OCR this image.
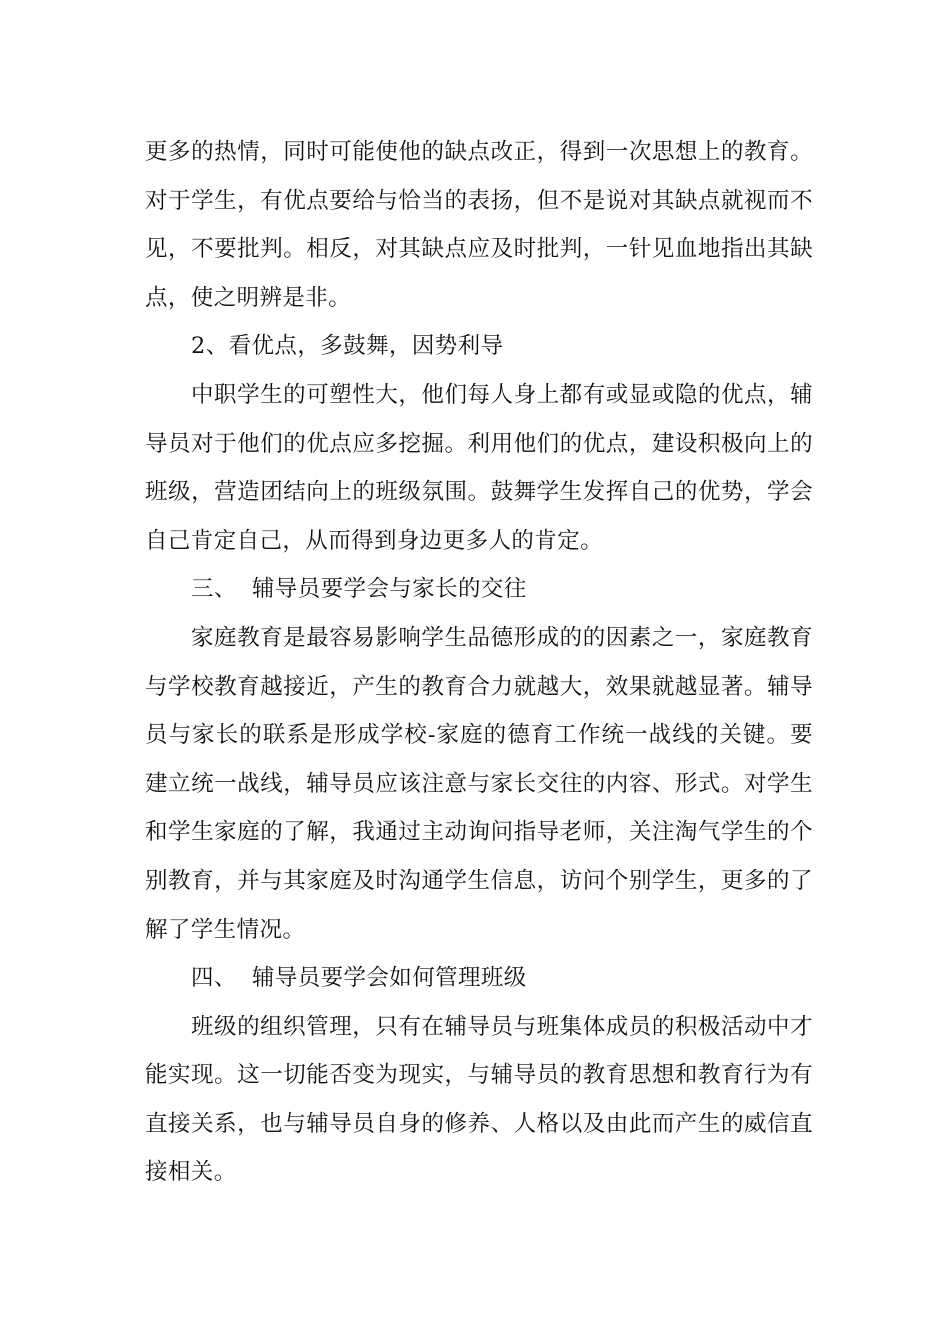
更多的热情，同时可能使他的缺点改正，得到一次思想上的教育。对于学生，有优点要给与恰当的表扬，但不是说对其缺点就视而不见，不要批判。相反，对其缺点应及时批判，一针见血地指出其缺点，使之明辨是非。

2、看优点，多鼓舞，因势利导

中职学生的可塑性大，他们每人身上都有或显或隐的优点，辅导员对于他们的优点应多挖掘。利用他们的优点，建设积极向上的班级，营造团结向上的班级氛围。鼓舞学生发挥自己的优势，学会自己肯定自己，从而得到身边更多人的肯定。

三、  辅导员要学会与家长的交往

家庭教育是最容易影响学生品德形成的的因素之一，家庭教育与学校教育越接近，产生的教育合力就越大，效果就越显著。辅导员与家长的联系是形成学校-家庭的德育工作统一战线的关键。要建立统一战线，辅导员应该注意与家长交往的内容、形式。对学生和学生家庭的了解，我通过主动询问指导老师，关注淘气学生的个别教育，并与其家庭及时沟通学生信息，访问个别学生，更多的了解了学生情况。

四、  辅导员要学会如何管理班级

班级的组织管理，只有在辅导员与班集体成员的积极活动中才能实现。这一切能否变为现实，与辅导员的教育思想和教育行为有直接关系，也与辅导员自身的修养、人格以及由此而产生的威信直接相关。
